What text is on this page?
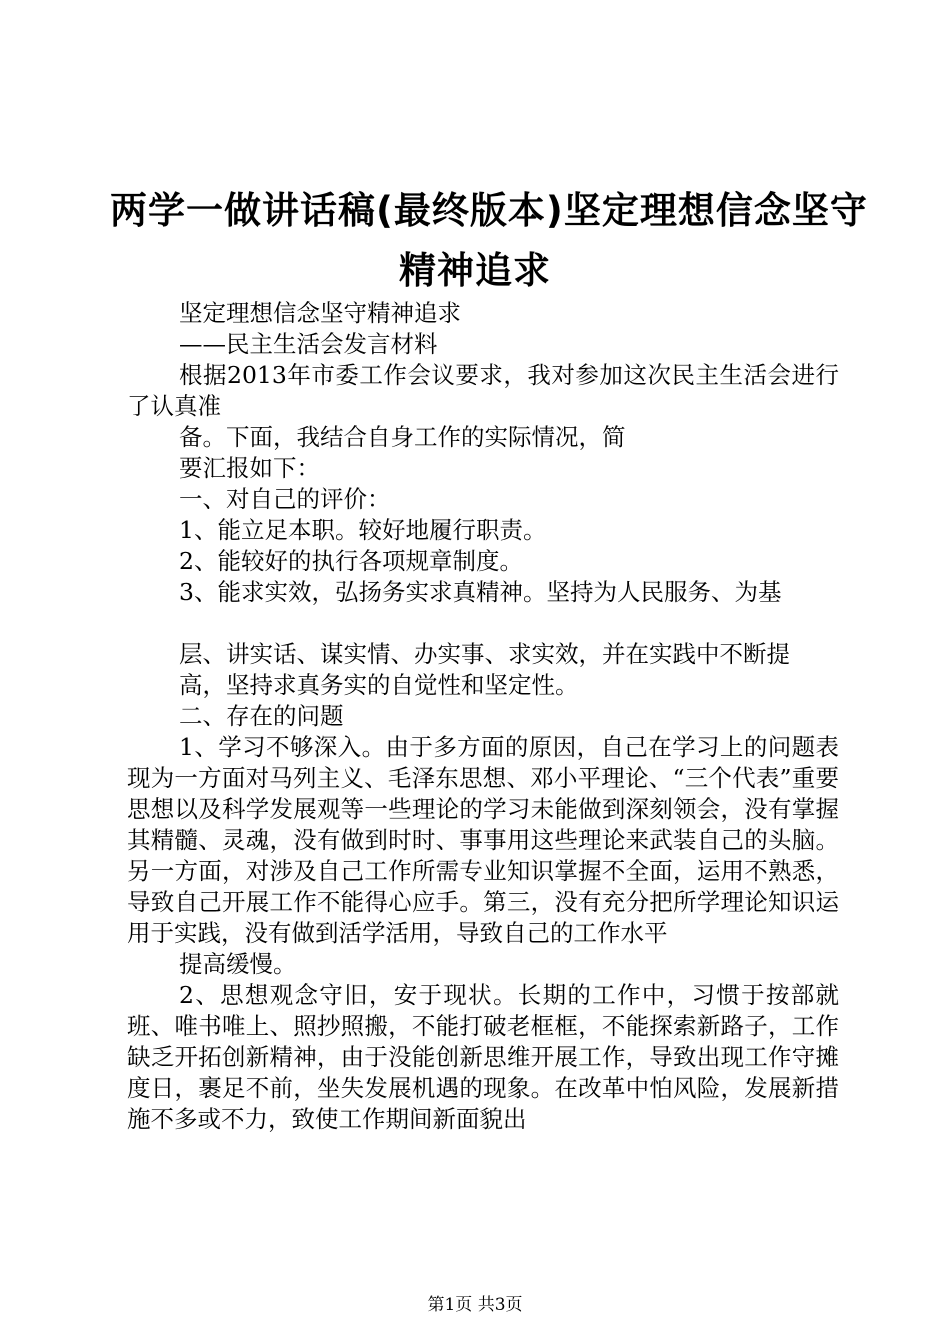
两学一做讲话稿(最终版本)坚定理想信念坚守
精神追求

坚定理想信念坚守精神追求

——民主生活会发言材料

根据2013年市委工作会议要求，我对参加这次民主生活会进行了认真准

备。下面，我结合自身工作的实际情况，简

要汇报如下：

一、对自己的评价：

1、能立足本职。较好地履行职责。

2、能较好的执行各项规章制度。

3、能求实效，弘扬务实求真精神。坚持为人民服务、为基

层、讲实话、谋实情、办实事、求实效，并在实践中不断提

高，坚持求真务实的自觉性和坚定性。

二、存在的问题

1、学习不够深入。由于多方面的原因，自己在学习上的问题表现为一方面对马列主义、毛泽东思想、邓小平理论、“三个代表”重要思想以及科学发展观等一些理论的学习未能做到深刻领会，没有掌握其精髓、灵魂，没有做到时时、事事用这些理论来武装自己的头脑。另一方面，对涉及自己工作所需专业知识掌握不全面，运用不熟悉，导致自己开展工作不能得心应手。第三，没有充分把所学理论知识运用于实践，没有做到活学活用，导致自己的工作水平

提高缓慢。

2、思想观念守旧，安于现状。长期的工作中，习惯于按部就班、唯书唯上、照抄照搬，不能打破老框框，不能探索新路子，工作缺乏开拓创新精神，由于没能创新思维开展工作，导致出现工作守摊度日，裹足不前，坐失发展机遇的现象。在改革中怕风险，发展新措施不多或不力，致使工作期间新面貌出

第1页 共3页
